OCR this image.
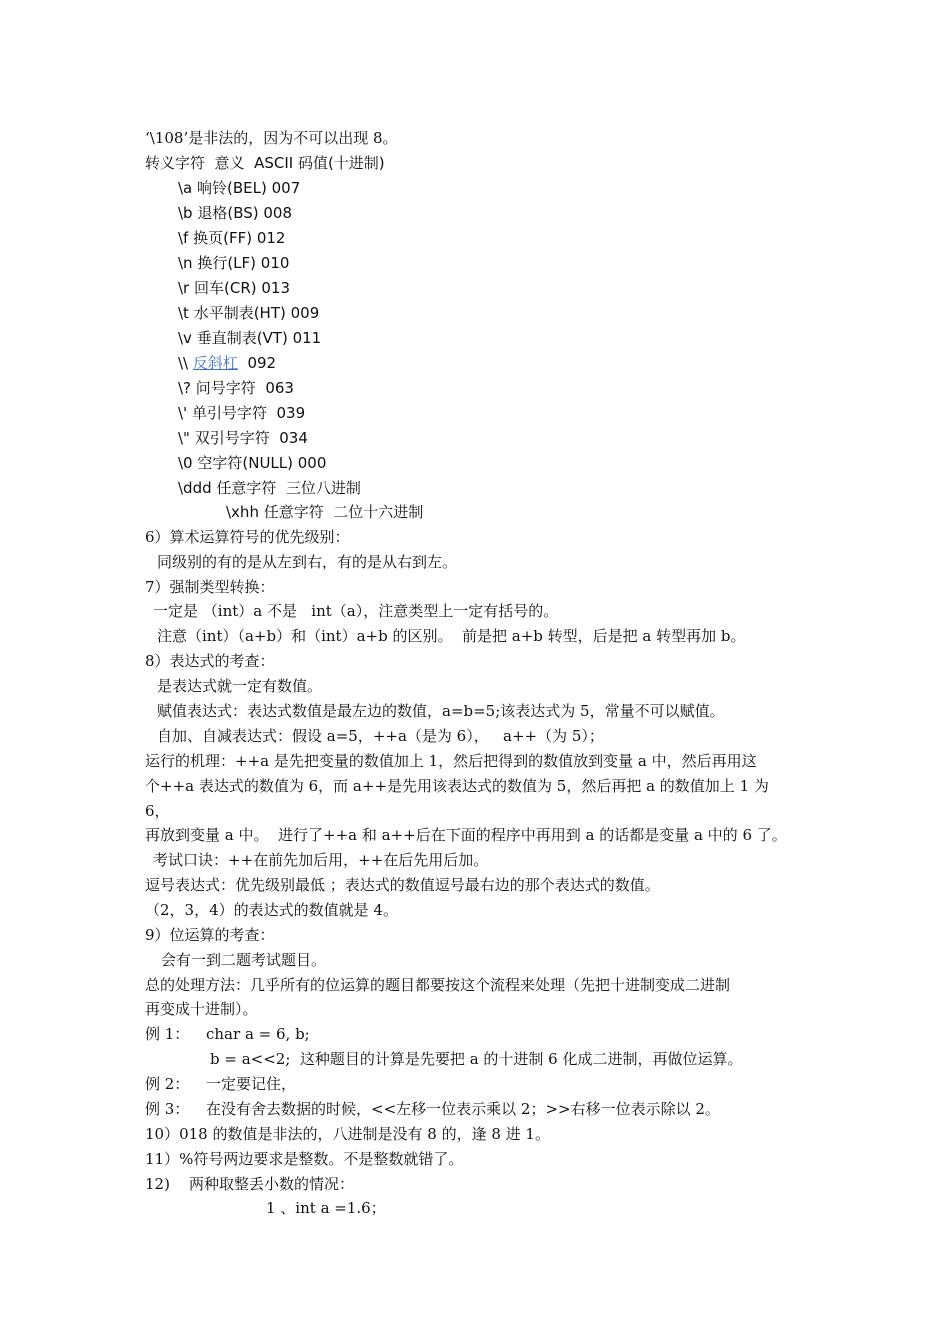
‘\108’是非法的，因为不可以出现 8。
转义字符  意义  ASCII 码值(十进制)
\a 响铃(BEL) 007
\b 退格(BS) 008
\f 换页(FF) 012
\n 换行(LF) 010
\r 回车(CR) 013
\t 水平制表(HT) 009
\v 垂直制表(VT) 011
\\ 反斜杠  092
\? 问号字符  063
\' 单引号字符  039
\" 双引号字符  034
\0 空字符(NULL) 000
\ddd 任意字符  三位八进制
\xhh 任意字符  二位十六进制
6）算术运算符号的优先级别：
同级别的有的是从左到右，有的是从右到左。
7）强制类型转换：
一定是 （int）a 不是   int（a），注意类型上一定有括号的。
注意（int）（a+b）和（int）a+b 的区别。  前是把 a+b 转型，后是把 a 转型再加 b。
8）表达式的考查：
是表达式就一定有数值。
赋值表达式：表达式数值是最左边的数值，a=b=5;该表达式为 5，常量不可以赋值。
自加、自减表达式：假设 a=5，++a（是为 6），   a++（为 5）；
运行的机理：++a 是先把变量的数值加上 1，然后把得到的数值放到变量 a 中，然后再用这
个++a 表达式的数值为 6，而 a++是先用该表达式的数值为 5，然后再把 a 的数值加上 1 为
6，
再放到变量 a 中。  进行了++a 和 a++后在下面的程序中再用到 a 的话都是变量 a 中的 6 了。
考试口诀：++在前先加后用，++在后先用后加。
逗号表达式：优先级别最低 ；表达式的数值逗号最右边的那个表达式的数值。
（2，3，4）的表达式的数值就是 4。
9）位运算的考查：
会有一到二题考试题目。
总的处理方法：几乎所有的位运算的题目都要按这个流程来处理（先把十进制变成二进制
再变成十进制）。
例 1： char a = 6, b;
b = a<<2;  这种题目的计算是先要把 a 的十进制 6 化成二进制，再做位运算。
例 2： 一定要记住，
例 3： 在没有舍去数据的时候，<<左移一位表示乘以 2；>>右移一位表示除以 2。
10）018 的数值是非法的，八进制是没有 8 的，逢 8 进 1。
11）%符号两边要求是整数。不是整数就错了。
12)    两种取整丢小数的情况：
1 、int a =1.6；
